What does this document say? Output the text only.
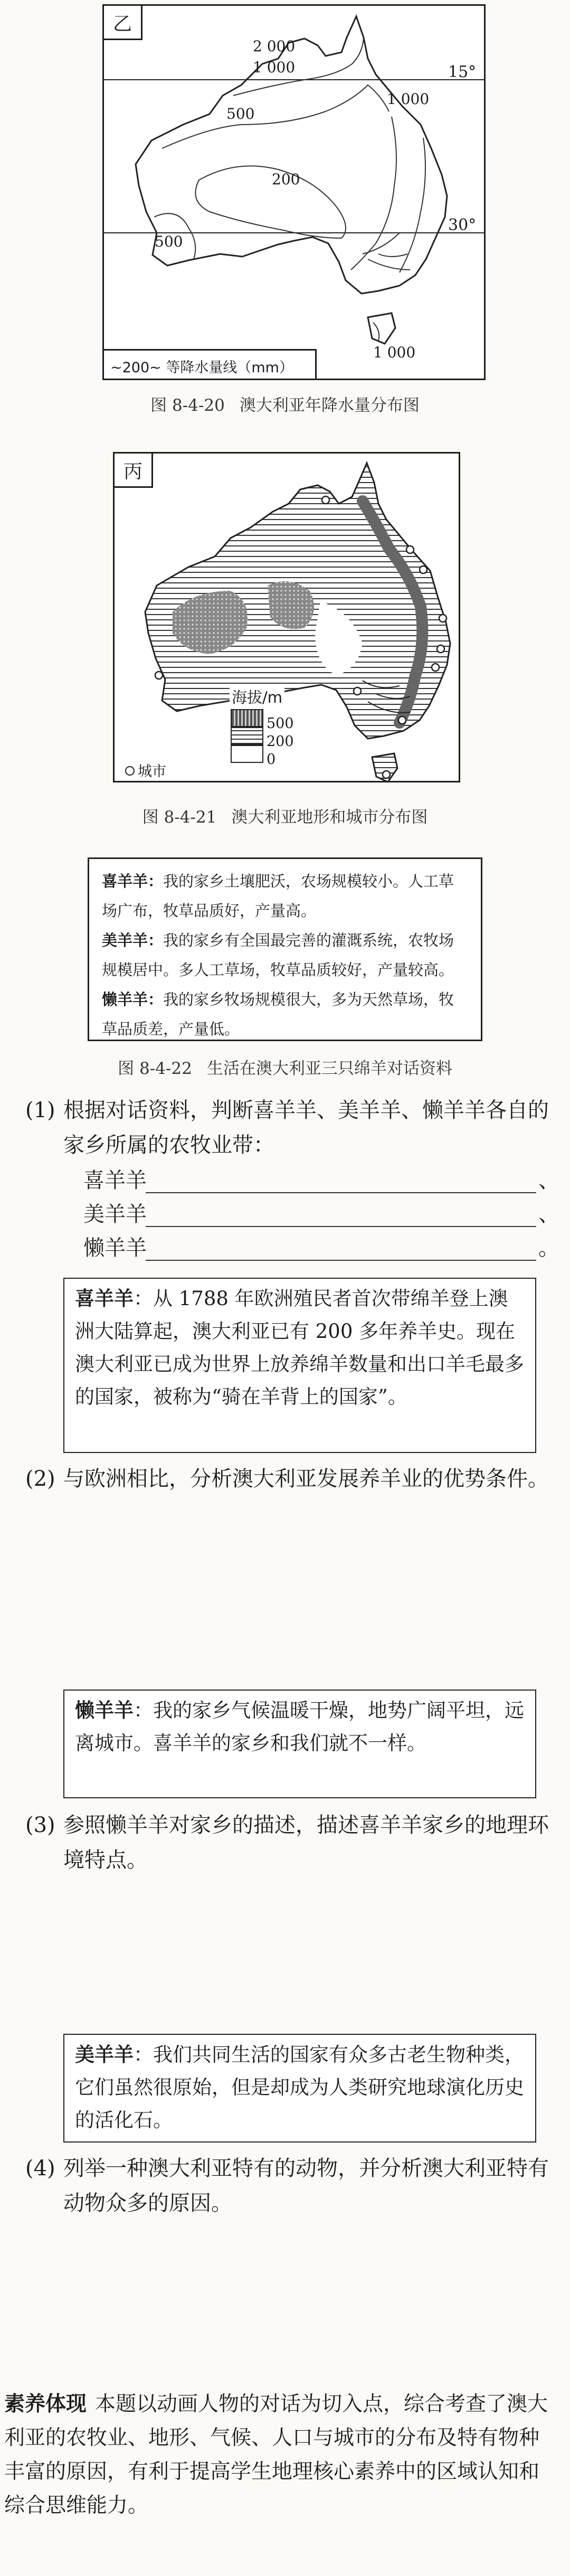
乙
15°
30°
2 000
1 000
1 000
500
200
500
1 000
~200~ 等降水量线（mm）
图 8-4-20 澳大利亚年降水量分布图
丙
海拔/m
500
200
0
城市
图 8-4-21 澳大利亚地形和城市分布图

喜羊羊：我的家乡土壤肥沃，农场规模较小。人工草场广布，牧草品质好，产量高。

美羊羊：我的家乡有全国最完善的灌溉系统，农牧场规模居中。多人工草场，牧草品质较好，产量较高。

懒羊羊：我的家乡牧场规模很大，多为天然草场，牧草品质差，产量低。

图 8-4-22 生活在澳大利亚三只绵羊对话资料
(1) 根据对话资料，判断喜羊羊、美羊羊、懒羊羊各自的家乡所属的农牧业带：
喜羊羊	、
美羊羊	、
懒羊羊	。

喜羊羊：从 1788 年欧洲殖民者首次带绵羊登上澳洲大陆算起，澳大利亚已有 200 多年养羊史。现在澳大利亚已成为世界上放养绵羊数量和出口羊毛最多的国家，被称为“骑在羊背上的国家”。

(2) 与欧洲相比，分析澳大利亚发展养羊业的优势条件。

懒羊羊：我的家乡气候温暖干燥，地势广阔平坦，远离城市。喜羊羊的家乡和我们就不一样。

(3) 参照懒羊羊对家乡的描述，描述喜羊羊家乡的地理环境特点。

美羊羊：我们共同生活的国家有众多古老生物种类，它们虽然很原始，但是却成为人类研究地球演化历史的活化石。

(4) 列举一种澳大利亚特有的动物，并分析澳大利亚特有动物众多的原因。
素养体现 本题以动画人物的对话为切入点，综合考查了澳大利亚的农牧业、地形、气候、人口与城市的分布及特有物种丰富的原因，有利于提高学生地理核心素养中的区域认知和综合思维能力。
